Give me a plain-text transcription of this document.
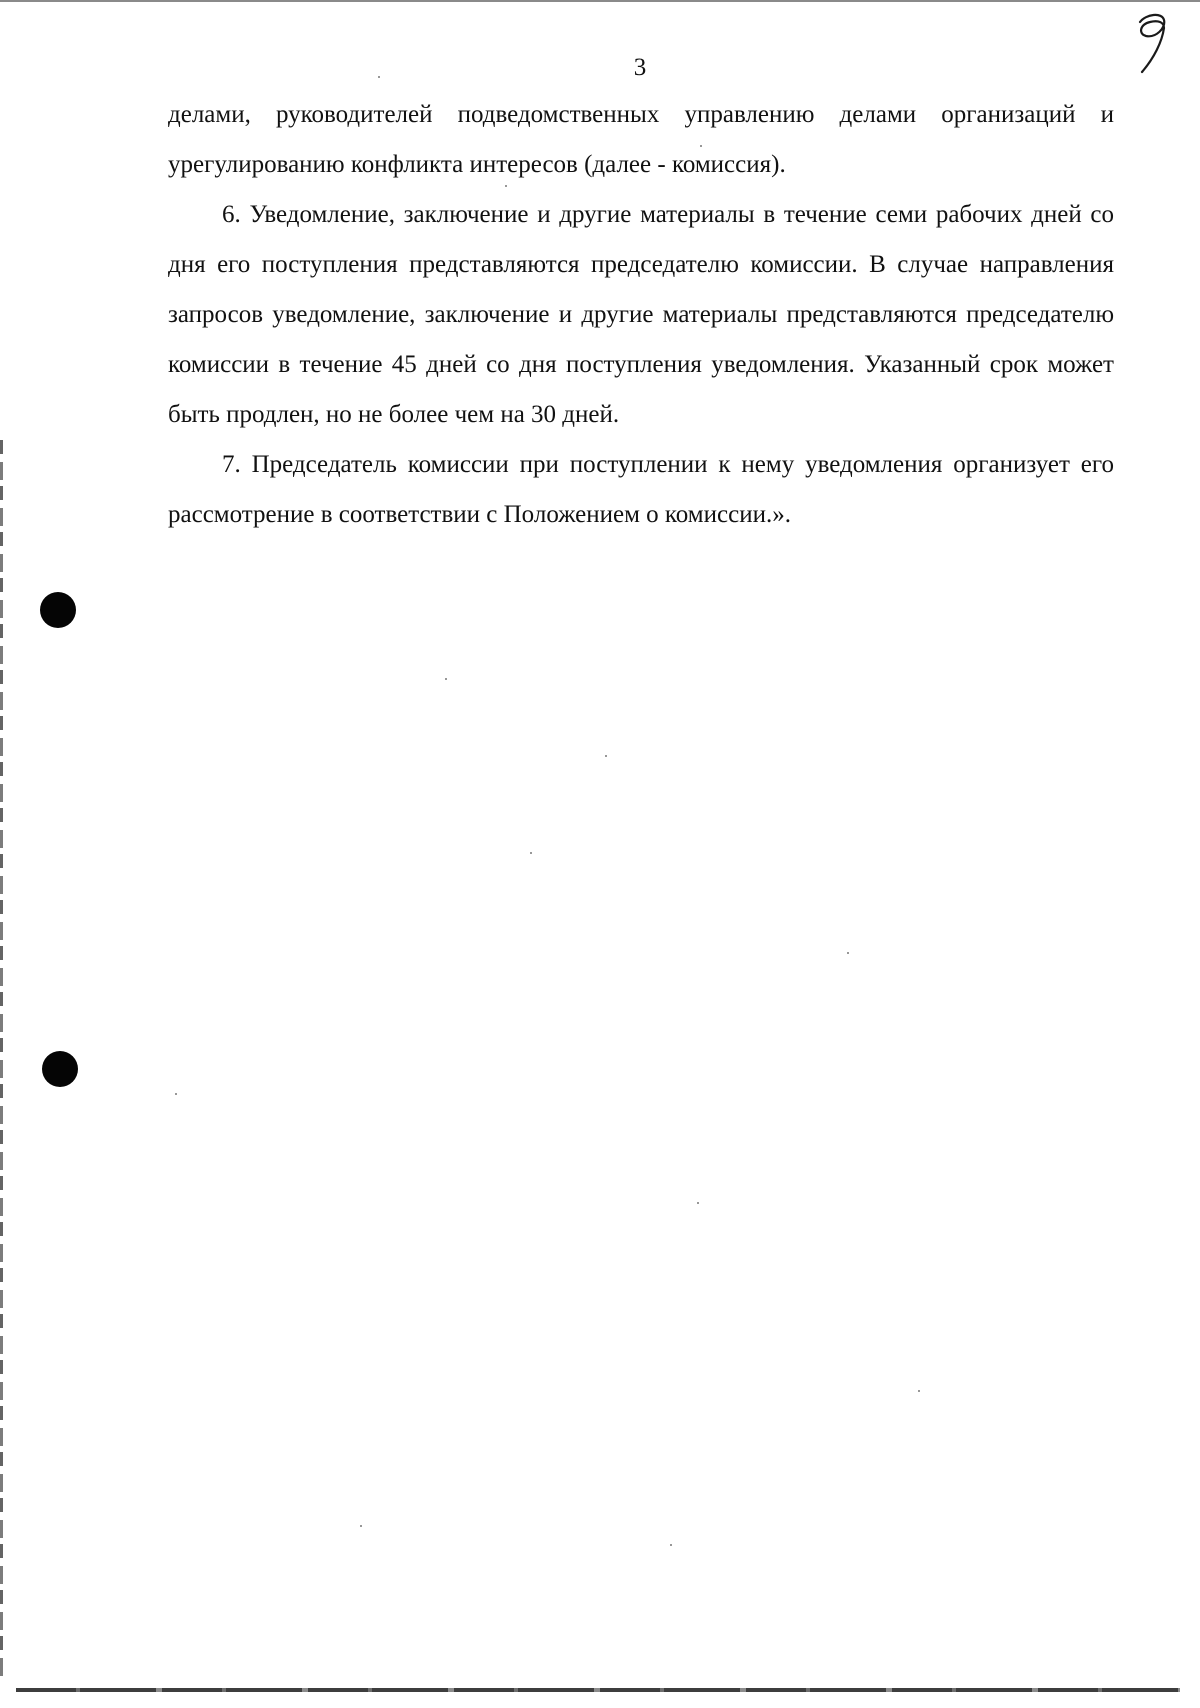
3

делами, руководителей подведомственных управлению делами организаций и урегулированию конфликта интересов (далее - комиссия).

6. Уведомление, заключение и другие материалы в течение семи рабочих дней со дня его поступления представляются председателю комиссии. В случае направления запросов уведомление, заключение и другие материалы представляются председателю комиссии в течение 45 дней со дня поступления уведомления. Указанный срок может быть продлен, но не более чем на 30 дней.

7. Председатель комиссии при поступлении к нему уведомления организует его рассмотрение в соответствии с Положением о комиссии.».
